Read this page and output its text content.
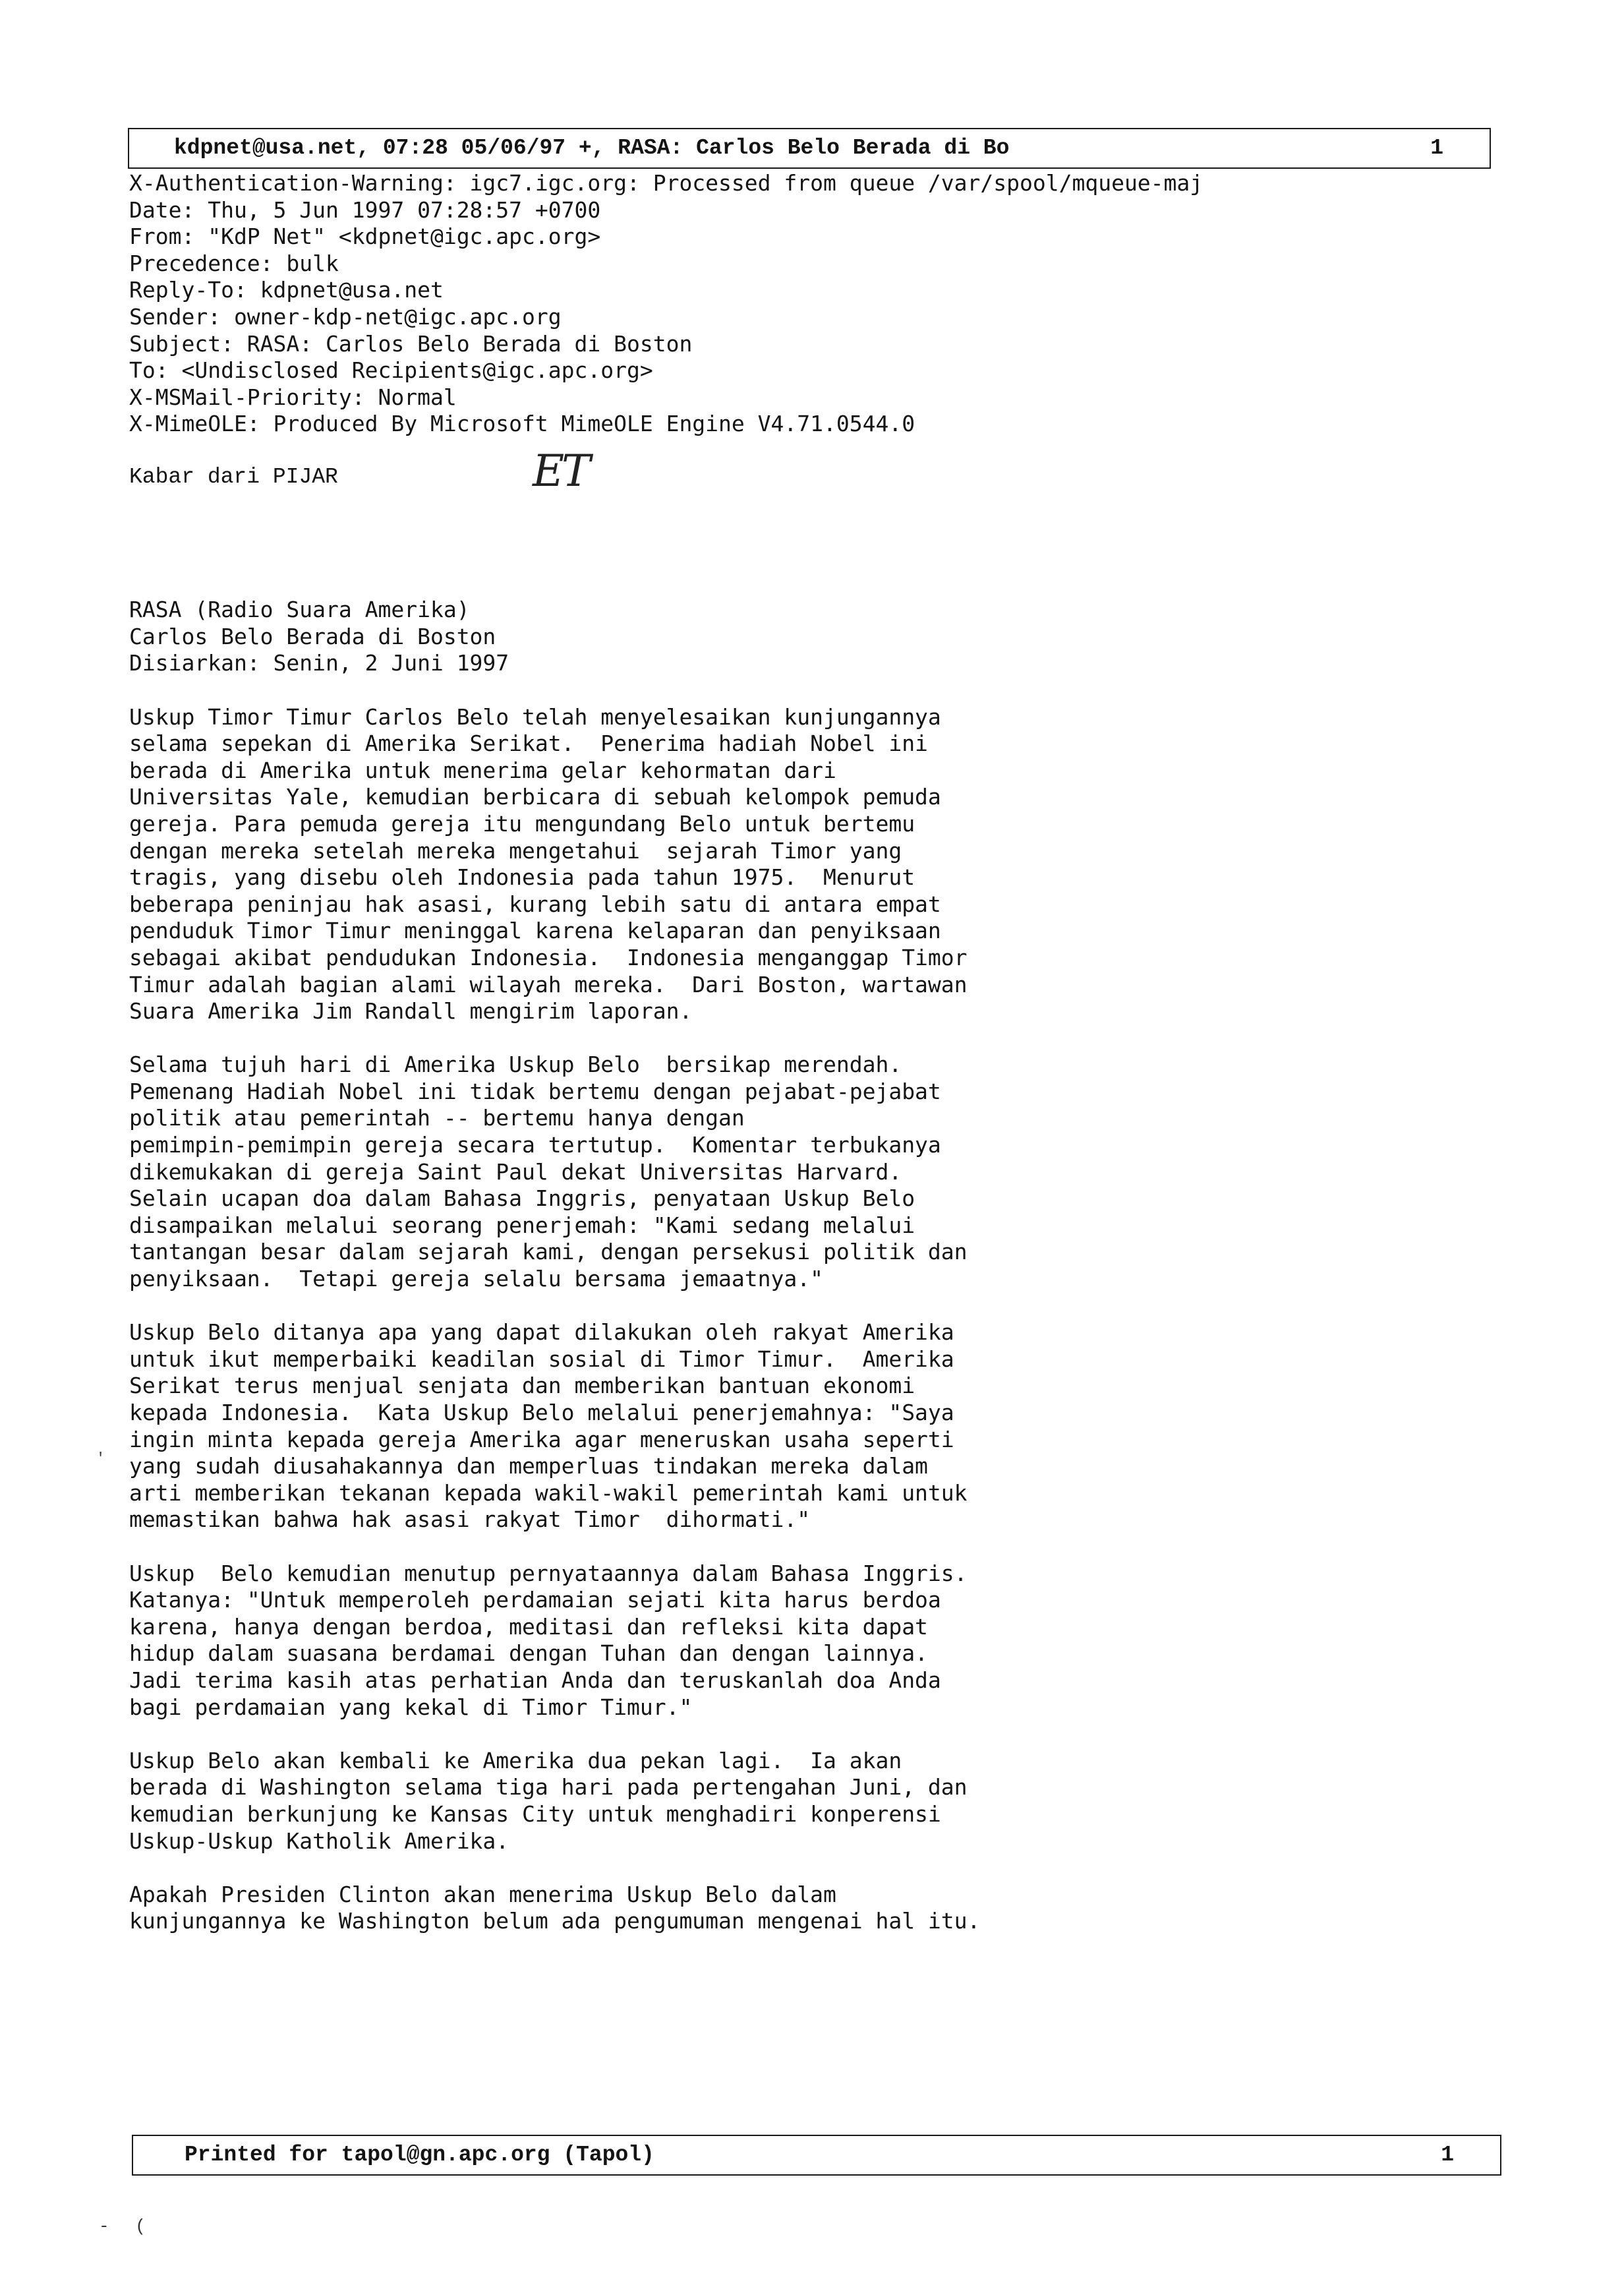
kdpnet@usa.net, 07:28 05/06/97 +, RASA: Carlos Belo Berada di Bo	1
X-Authentication-Warning: igc7.igc.org: Processed from queue /var/spool/mqueue-maj
Date: Thu, 5 Jun 1997 07:28:57 +0700
From: "KdP Net" <kdpnet@igc.apc.org>
Precedence: bulk
Reply-To: kdpnet@usa.net
Sender: owner-kdp-net@igc.apc.org
Subject: RASA: Carlos Belo Berada di Boston
To: <Undisclosed Recipients@igc.apc.org>
X-MSMail-Priority: Normal
X-MimeOLE: Produced By Microsoft MimeOLE Engine V4.71.0544.0
Kabar dari PIJAR	ET

RASA (Radio Suara Amerika)
Carlos Belo Berada di Boston
Disiarkan: Senin, 2 Juni 1997

Uskup Timor Timur Carlos Belo telah menyelesaikan kunjungannya
selama sepekan di Amerika Serikat.  Penerima hadiah Nobel ini
berada di Amerika untuk menerima gelar kehormatan dari
Universitas Yale, kemudian berbicara di sebuah kelompok pemuda
gereja. Para pemuda gereja itu mengundang Belo untuk bertemu
dengan mereka setelah mereka mengetahui  sejarah Timor yang
tragis, yang disebu oleh Indonesia pada tahun 1975.  Menurut
beberapa peninjau hak asasi, kurang lebih satu di antara empat
penduduk Timor Timur meninggal karena kelaparan dan penyiksaan
sebagai akibat pendudukan Indonesia.  Indonesia menganggap Timor
Timur adalah bagian alami wilayah mereka.  Dari Boston, wartawan
Suara Amerika Jim Randall mengirim laporan.

Selama tujuh hari di Amerika Uskup Belo  bersikap merendah.
Pemenang Hadiah Nobel ini tidak bertemu dengan pejabat-pejabat
politik atau pemerintah -- bertemu hanya dengan
pemimpin-pemimpin gereja secara tertutup.  Komentar terbukanya
dikemukakan di gereja Saint Paul dekat Universitas Harvard.
Selain ucapan doa dalam Bahasa Inggris, penyataan Uskup Belo
disampaikan melalui seorang penerjemah: "Kami sedang melalui
tantangan besar dalam sejarah kami, dengan persekusi politik dan
penyiksaan.  Tetapi gereja selalu bersama jemaatnya."

Uskup Belo ditanya apa yang dapat dilakukan oleh rakyat Amerika
untuk ikut memperbaiki keadilan sosial di Timor Timur.  Amerika
Serikat terus menjual senjata dan memberikan bantuan ekonomi
kepada Indonesia.  Kata Uskup Belo melalui penerjemahnya: "Saya
ingin minta kepada gereja Amerika agar meneruskan usaha seperti
yang sudah diusahakannya dan memperluas tindakan mereka dalam
arti memberikan tekanan kepada wakil-wakil pemerintah kami untuk
memastikan bahwa hak asasi rakyat Timor  dihormati."

Uskup  Belo kemudian menutup pernyataannya dalam Bahasa Inggris.
Katanya: "Untuk memperoleh perdamaian sejati kita harus berdoa
karena, hanya dengan berdoa, meditasi dan refleksi kita dapat
hidup dalam suasana berdamai dengan Tuhan dan dengan lainnya.
Jadi terima kasih atas perhatian Anda dan teruskanlah doa Anda
bagi perdamaian yang kekal di Timor Timur."

Uskup Belo akan kembali ke Amerika dua pekan lagi.  Ia akan
berada di Washington selama tiga hari pada pertengahan Juni, dan
kemudian berkunjung ke Kansas City untuk menghadiri konperensi
Uskup-Uskup Katholik Amerika.

Apakah Presiden Clinton akan menerima Uskup Belo dalam
kunjungannya ke Washington belum ada pengumuman mengenai hal itu.
'
Printed for tapol@gn.apc.org (Tapol)	1
- (
